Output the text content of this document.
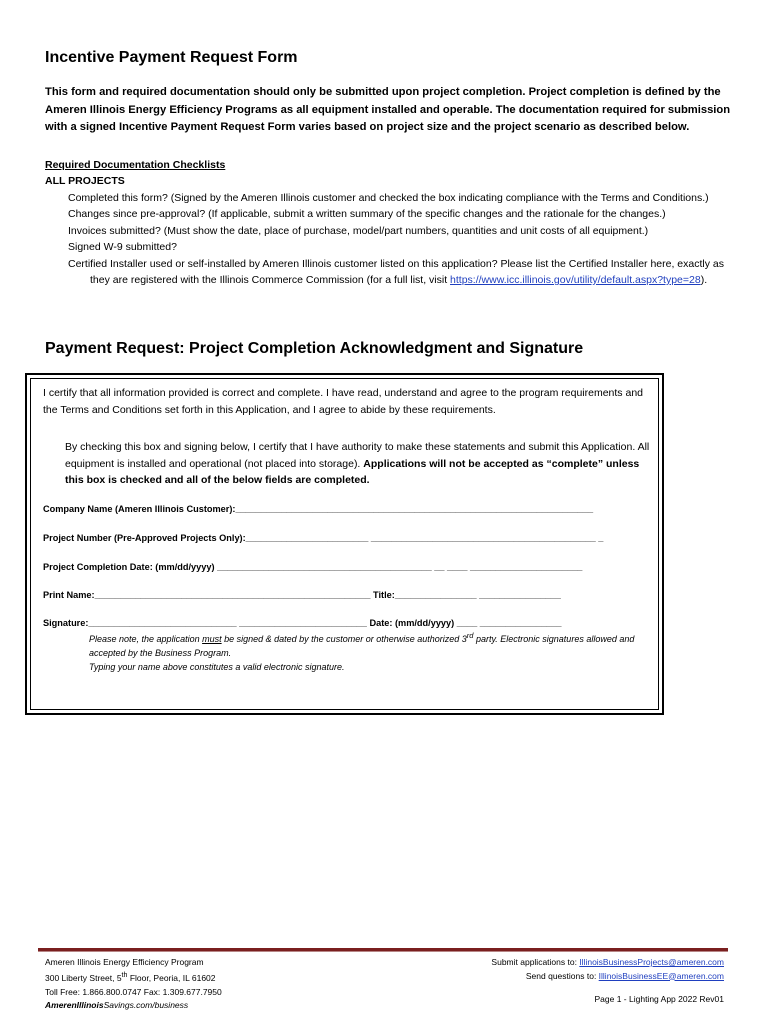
Incentive Payment Request Form

This form and required documentation should only be submitted upon project completion. Project completion is defined by the Ameren Illinois Energy Efficiency Programs as all equipment installed and operable. The documentation required for submission with a signed Incentive Payment Request Form varies based on project size and the project scenario as described below.

Required Documentation Checklists
ALL PROJECTS
Completed this form? (Signed by the Ameren Illinois customer and checked the box indicating compliance with the Terms and Conditions.)
Changes since pre-approval? (If applicable, submit a written summary of the specific changes and the rationale for the changes.)
Invoices submitted? (Must show the date, place of purchase, model/part numbers, quantities and unit costs of all equipment.)
Signed W-9 submitted?
Certified Installer used or self-installed by Ameren Illinois customer listed on this application? Please list the Certified Installer here, exactly as they are registered with the Illinois Commerce Commission (for a full list, visit https://www.icc.illinois.gov/utility/default.aspx?type=28).
Payment Request: Project Completion Acknowledgment and Signature

I certify that all information provided is correct and complete. I have read, understand and agree to the program requirements and the Terms and Conditions set forth in this Application, and I agree to abide by these requirements.

By checking this box and signing below, I certify that I have authority to make these statements and submit this Application. All equipment is installed and operational (not placed into storage). Applications will not be accepted as “complete” unless this box is checked and all of the below fields are completed.

Company Name (Ameren Illinois Customer):______________________________________________________________________
Project Number (Pre-Approved Projects Only):________________________ ____________________________________________ _
Project Completion Date: (mm/dd/yyyy) __________________________________________ __ ____ ______________________
Print Name:______________________________________________________ Title:________________ ________________
Signature:_____________________________ _________________________ Date: (mm/dd/yyyy) ____ ________________

Please note, the application must be signed & dated by the customer or otherwise authorized 3rd party. Electronic signatures allowed and accepted by the Business Program.
Typing your name above constitutes a valid electronic signature.

Ameren Illinois Energy Efficiency Program
300 Liberty Street, 5th Floor, Peoria, IL 61602
Toll Free: 1.866.800.0747 Fax: 1.309.677.7950
AmerenIllinoisSavings.com/business

Submit applications to: IllinoisBusinessProjects@ameren.com
Send questions to: IllinoisBusinessEE@ameren.com

Page 1 - Lighting App 2022 Rev01
